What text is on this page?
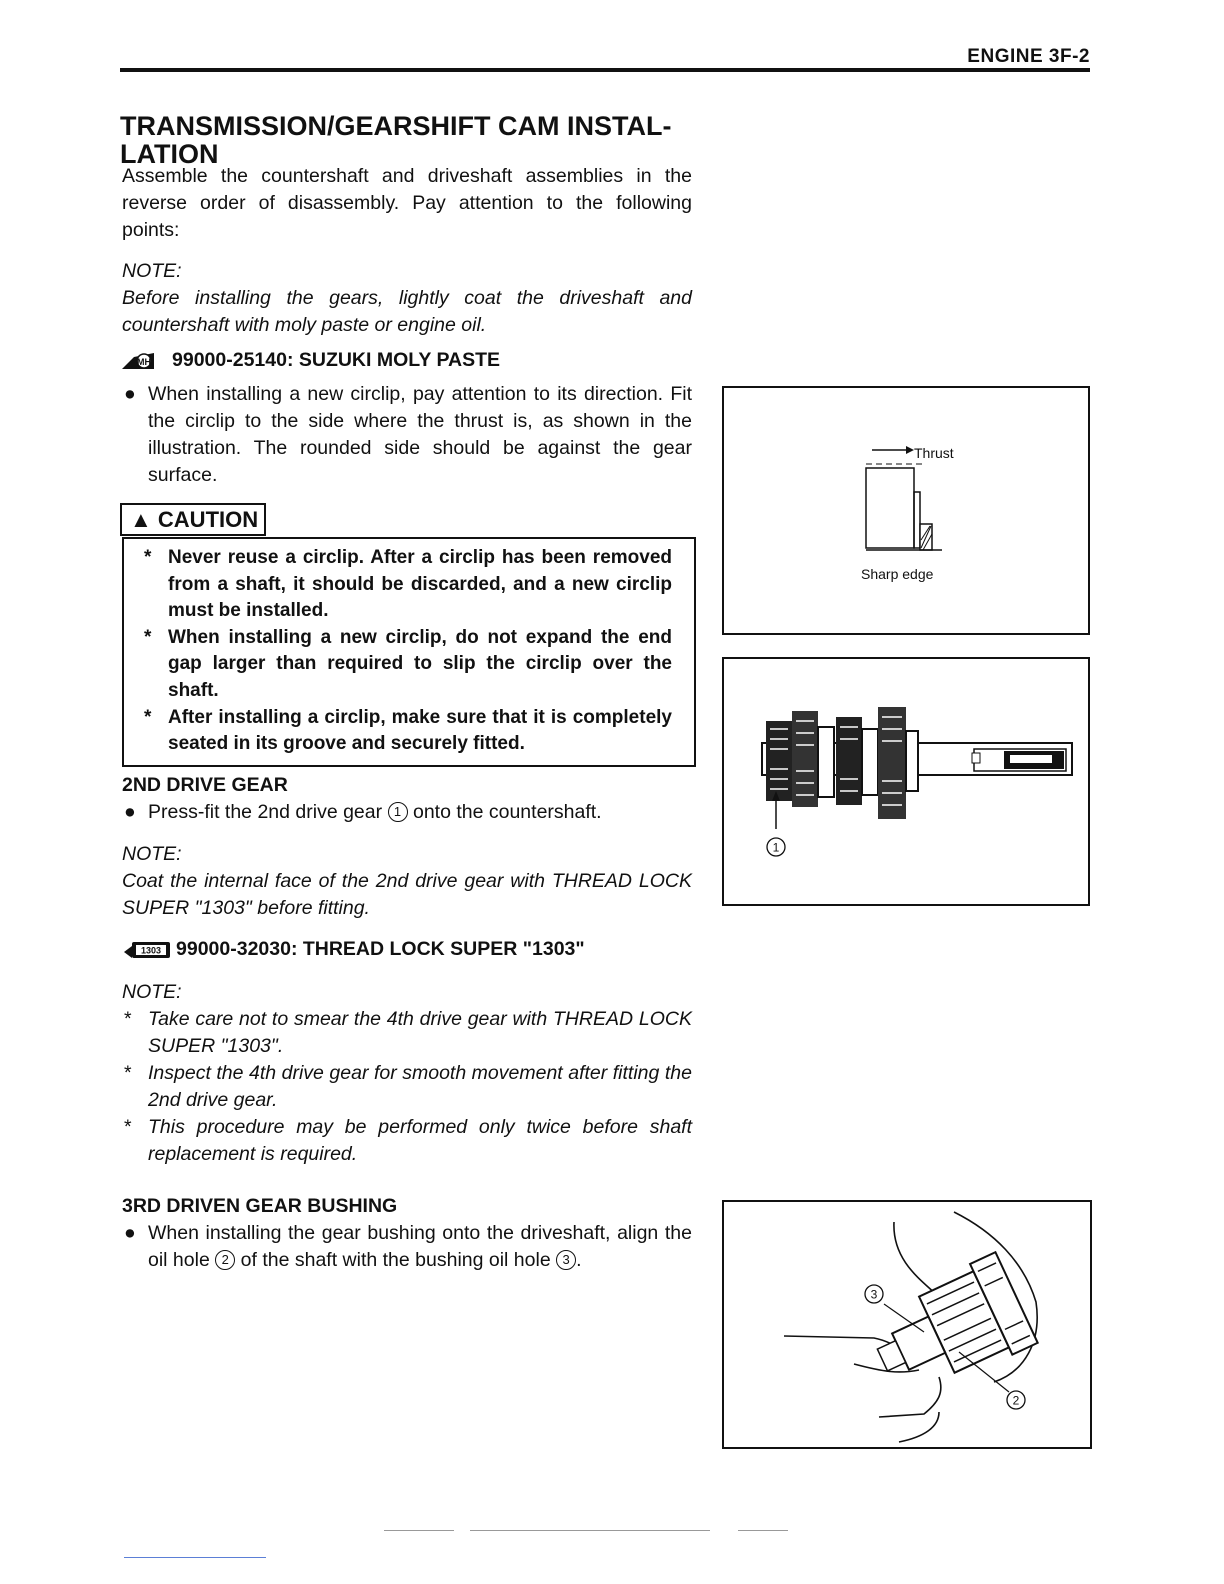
ENGINE 3F-2
TRANSMISSION/GEARSHIFT CAM INSTAL-
LATION
Assemble the countershaft and driveshaft assemblies in the reverse order of disassembly. Pay attention to the following points:
NOTE:
Before installing the gears, lightly coat the driveshaft and countershaft with moly paste or engine oil.
MH 99000-25140: SUZUKI MOLY PASTE
● When installing a new circlip, pay attention to its direction. Fit the circlip to the side where the thrust is, as shown in the illustration. The rounded side should be against the gear surface.
▲ CAUTION
* Never reuse a circlip. After a circlip has been removed from a shaft, it should be discarded, and a new circlip must be installed.
* When installing a new circlip, do not expand the end gap larger than required to slip the circlip over the shaft.
* After installing a circlip, make sure that it is completely seated in its groove and securely fitted.
2ND DRIVE GEAR
● Press-fit the 2nd drive gear 1 onto the countershaft.
NOTE:
Coat the internal face of the 2nd drive gear with THREAD LOCK SUPER "1303" before fitting.
1303 99000-32030: THREAD LOCK SUPER "1303"
NOTE:
* Take care not to smear the 4th drive gear with THREAD LOCK SUPER "1303".
* Inspect the 4th drive gear for smooth movement after fitting the 2nd drive gear.
* This procedure may be performed only twice before shaft replacement is required.
3RD DRIVEN GEAR BUSHING
● When installing the gear bushing onto the driveshaft, align the oil hole 2 of the shaft with the bushing oil hole 3 .
Thrust
Sharp edge
1
3
2
